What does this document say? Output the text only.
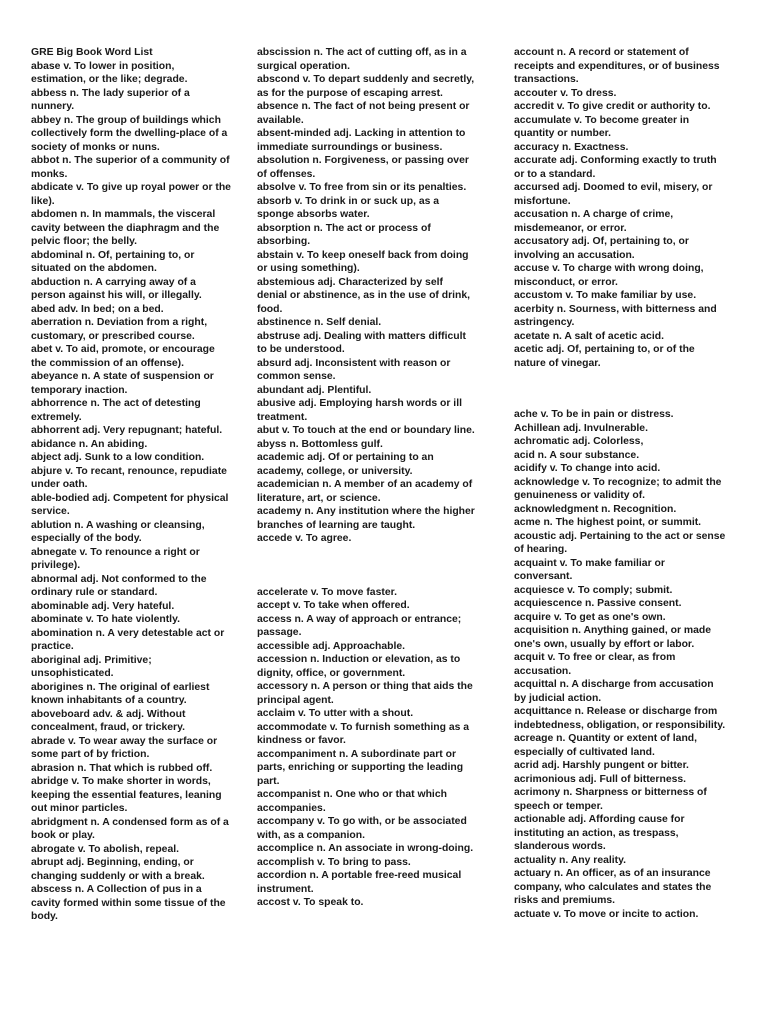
GRE Big Book Word List
abase v. To lower in position, estimation, or the like; degrade.
abbess n. The lady superior of a nunnery.
abbey n. The group of buildings which collectively form the dwelling-place of a society of monks or nuns.
abbot n. The superior of a community of monks.
abdicate v. To give up royal power or the like).
abdomen n. In mammals, the visceral cavity between the diaphragm and the pelvic floor; the belly.
abdominal n. Of, pertaining to, or situated on the abdomen.
abduction n. A carrying away of a person against his will, or illegally.
abed adv. In bed; on a bed.
aberration n. Deviation from a right, customary, or prescribed course.
abet v. To aid, promote, or encourage the commission of an offense).
abeyance n. A state of suspension or temporary inaction.
abhorrence n. The act of detesting extremely.
abhorrent adj. Very repugnant; hateful.
abidance n. An abiding.
abject adj. Sunk to a low condition.
abjure v. To recant, renounce, repudiate under oath.
able-bodied adj. Competent for physical service.
ablution n. A washing or cleansing, especially of the body.
abnegate v. To renounce a right or privilege).
abnormal adj. Not conformed to the ordinary rule or standard.
abominable adj. Very hateful.
abominate v. To hate violently.
abomination n. A very detestable act or practice.
aboriginal adj. Primitive; unsophisticated.
aborigines n. The original of earliest known inhabitants of a country.
aboveboard adv. & adj. Without concealment, fraud, or trickery.
abrade v. To wear away the surface or some part of by friction.
abrasion n. That which is rubbed off.
abridge v. To make shorter in words, keeping the essential features, leaning out minor particles.
abridgment n. A condensed form as of a book or play.
abrogate v. To abolish, repeal.
abrupt adj. Beginning, ending, or changing suddenly or with a break.
abscess n. A Collection of pus in a cavity formed within some tissue of the body.
abscission n. The act of cutting off, as in a surgical operation.
abscond v. To depart suddenly and secretly, as for the purpose of escaping arrest.
absence n. The fact of not being present or available.
absent-minded adj. Lacking in attention to immediate surroundings or business.
absolution n. Forgiveness, or passing over of offenses.
absolve v. To free from sin or its penalties.
absorb v. To drink in or suck up, as a sponge absorbs water.
absorption n. The act or process of absorbing.
abstain v. To keep oneself back from doing or using something).
abstemious adj. Characterized by self denial or abstinence, as in the use of drink, food.
abstinence n. Self denial.
abstruse adj. Dealing with matters difficult to be understood.
absurd adj. Inconsistent with reason or common sense.
abundant adj. Plentiful.
abusive adj. Employing harsh words or ill treatment.
abut v. To touch at the end or boundary line.
abyss n. Bottomless gulf.
academic adj. Of or pertaining to an academy, college, or university.
academician n. A member of an academy of literature, art, or science.
academy n. Any institution where the higher branches of learning are taught.
accede v. To agree.
accelerate v. To move faster.
accept v. To take when offered.
access n. A way of approach or entrance; passage.
accessible adj. Approachable.
accession n. Induction or elevation, as to dignity, office, or government.
accessory n. A person or thing that aids the principal agent.
acclaim v. To utter with a shout.
accommodate v. To furnish something as a kindness or favor.
accompaniment n. A subordinate part or parts, enriching or supporting the leading part.
accompanist n. One who or that which accompanies.
accompany v. To go with, or be associated with, as a companion.
accomplice n. An associate in wrong-doing.
accomplish v. To bring to pass.
accordion n. A portable free-reed musical instrument.
accost v. To speak to.
account n. A record or statement of receipts and expenditures, or of business transactions.
accouter v. To dress.
accredit v. To give credit or authority to.
accumulate v. To become greater in quantity or number.
accuracy n. Exactness.
accurate adj. Conforming exactly to truth or to a standard.
accursed adj. Doomed to evil, misery, or misfortune.
accusation n. A charge of crime, misdemeanor, or error.
accusatory adj. Of, pertaining to, or involving an accusation.
accuse v. To charge with wrong doing, misconduct, or error.
accustom v. To make familiar by use.
acerbity n. Sourness, with bitterness and astringency.
acetate n. A salt of acetic acid.
acetic adj. Of, pertaining to, or of the nature of vinegar.
ache v. To be in pain or distress.
Achillean adj. Invulnerable.
achromatic adj. Colorless,
acid n. A sour substance.
acidify v. To change into acid.
acknowledge v. To recognize; to admit the genuineness or validity of.
acknowledgment n. Recognition.
acme n. The highest point, or summit.
acoustic adj. Pertaining to the act or sense of hearing.
acquaint v. To make familiar or conversant.
acquiesce v. To comply; submit.
acquiescence n. Passive consent.
acquire v. To get as one's own.
acquisition n. Anything gained, or made one's own, usually by effort or labor.
acquit v. To free or clear, as from accusation.
acquittal n. A discharge from accusation by judicial action.
acquittance n. Release or discharge from indebtedness, obligation, or responsibility.
acreage n. Quantity or extent of land, especially of cultivated land.
acrid adj. Harshly pungent or bitter.
acrimonious adj. Full of bitterness.
acrimony n. Sharpness or bitterness of speech or temper.
actionable adj. Affording cause for instituting an action, as trespass, slanderous words.
actuality n. Any reality.
actuary n. An officer, as of an insurance company, who calculates and states the risks and premiums.
actuate v. To move or incite to action.
